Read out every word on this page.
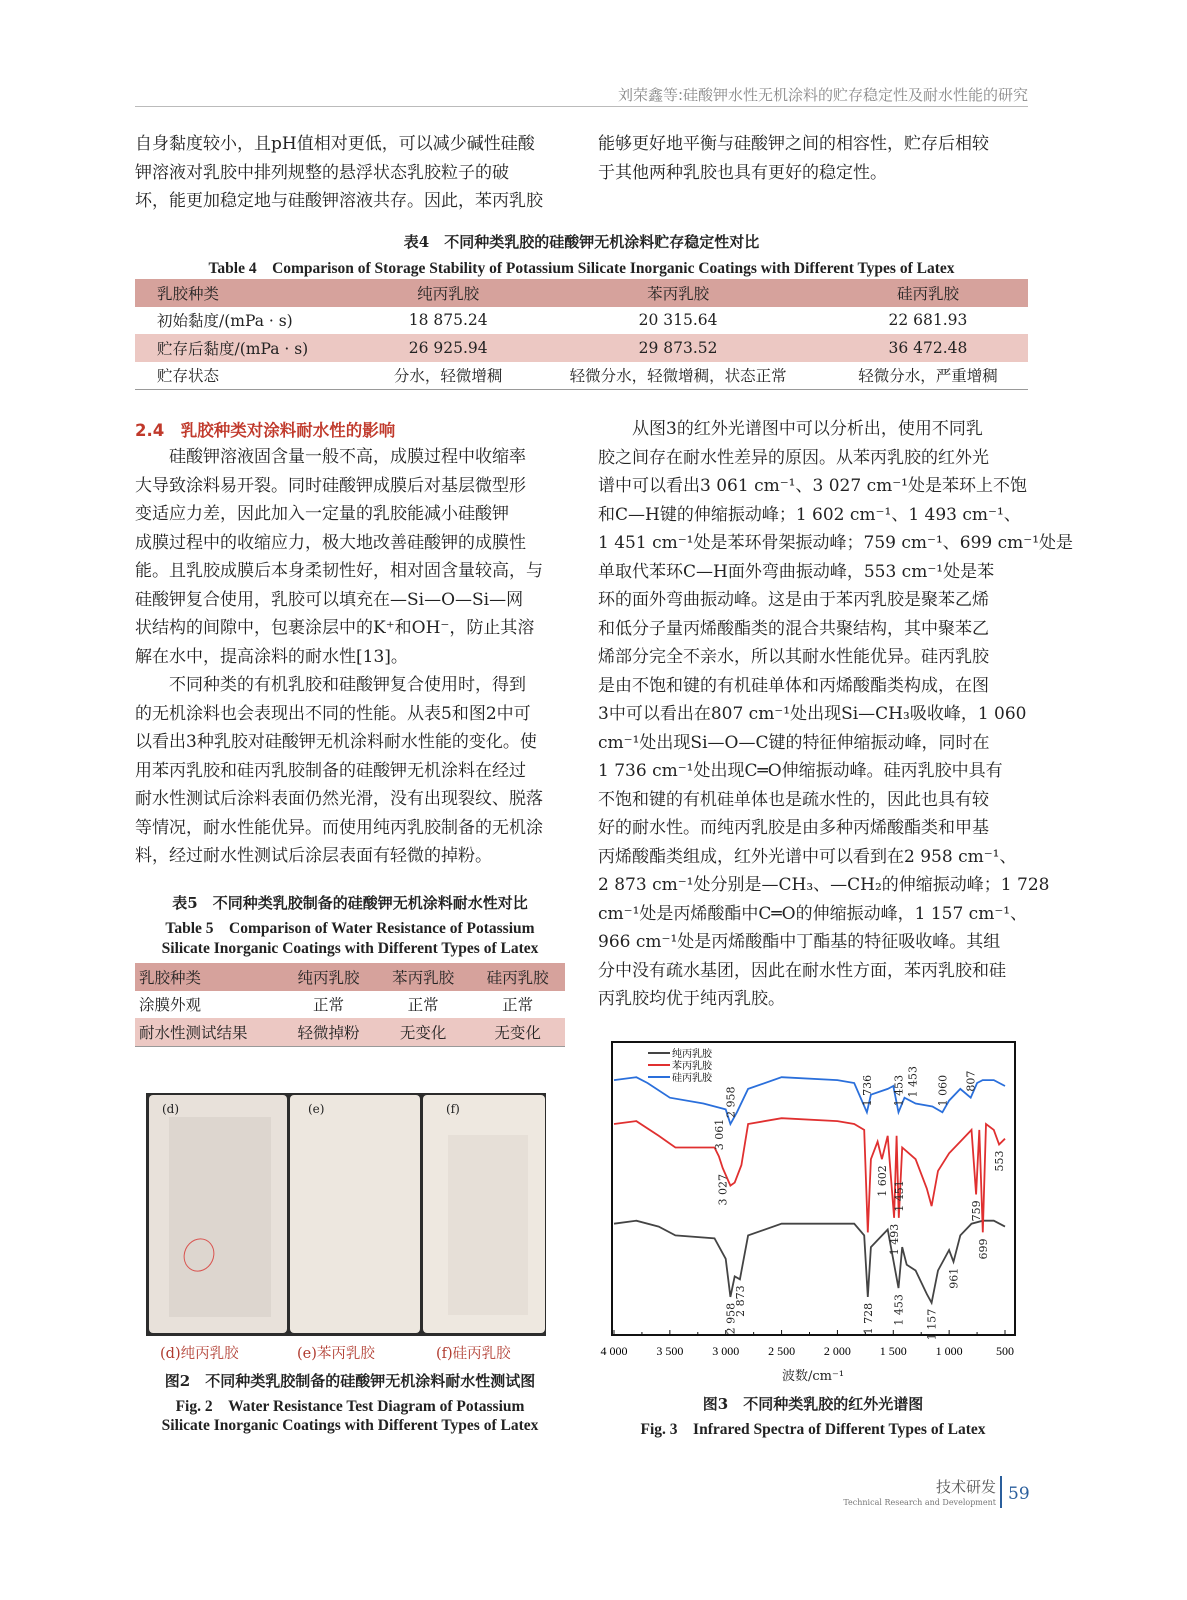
刘荣鑫等:硅酸钾水性无机涂料的贮存稳定性及耐水性能的研究
自身黏度较小，且pH值相对更低，可以减少碱性硅酸
钾溶液对乳胶中排列规整的悬浮状态乳胶粒子的破
坏，能更加稳定地与硅酸钾溶液共存。因此，苯丙乳胶
能够更好地平衡与硅酸钾之间的相容性，贮存后相较
于其他两种乳胶也具有更好的稳定性。
表4　不同种类乳胶的硅酸钾无机涂料贮存稳定性对比
Table 4　Comparison of Storage Stability of Potassium Silicate Inorganic Coatings with Different Types of Latex
乳胶种类	纯丙乳胶	苯丙乳胶	硅丙乳胶
初始黏度/(mPa · s)	18 875.24	20 315.64	22 681.93
贮存后黏度/(mPa · s)	26 925.94	29 873.52	36 472.48
贮存状态	分水，轻微增稠	轻微分水，轻微增稠，状态正常	轻微分水，严重增稠
2.4　乳胶种类对涂料耐水性的影响
硅酸钾溶液固含量一般不高，成膜过程中收缩率
大导致涂料易开裂。同时硅酸钾成膜后对基层微型形
变适应力差，因此加入一定量的乳胶能减小硅酸钾
成膜过程中的收缩应力，极大地改善硅酸钾的成膜性
能。且乳胶成膜后本身柔韧性好，相对固含量较高，与
硅酸钾复合使用，乳胶可以填充在—Si—O—Si—网
状结构的间隙中，包裹涂层中的K⁺和OH⁻，防止其溶
解在水中，提高涂料的耐水性[13]。
不同种类的有机乳胶和硅酸钾复合使用时，得到
的无机涂料也会表现出不同的性能。从表5和图2中可
以看出3种乳胶对硅酸钾无机涂料耐水性能的变化。使
用苯丙乳胶和硅丙乳胶制备的硅酸钾无机涂料在经过
耐水性测试后涂料表面仍然光滑，没有出现裂纹、脱落
等情况，耐水性能优异。而使用纯丙乳胶制备的无机涂
料，经过耐水性测试后涂层表面有轻微的掉粉。
从图3的红外光谱图中可以分析出，使用不同乳
胶之间存在耐水性差异的原因。从苯丙乳胶的红外光
谱中可以看出3 061 cm⁻¹、3 027 cm⁻¹处是苯环上不饱
和C—H键的伸缩振动峰；1 602 cm⁻¹、1 493 cm⁻¹、
1 451 cm⁻¹处是苯环骨架振动峰；759 cm⁻¹、699 cm⁻¹处是
单取代苯环C—H面外弯曲振动峰，553 cm⁻¹处是苯
环的面外弯曲振动峰。这是由于苯丙乳胶是聚苯乙烯
和低分子量丙烯酸酯类的混合共聚结构，其中聚苯乙
烯部分完全不亲水，所以其耐水性能优异。硅丙乳胶
是由不饱和键的有机硅单体和丙烯酸酯类构成，在图
3中可以看出在807 cm⁻¹处出现Si—CH₃吸收峰，1 060
cm⁻¹处出现Si—O—C键的特征伸缩振动峰，同时在
1 736 cm⁻¹处出现C═O伸缩振动峰。硅丙乳胶中具有
不饱和键的有机硅单体也是疏水性的，因此也具有较
好的耐水性。而纯丙乳胶是由多种丙烯酸酯类和甲基
丙烯酸酯类组成，红外光谱中可以看到在2 958 cm⁻¹、
2 873 cm⁻¹处分别是—CH₃、—CH₂的伸缩振动峰；1 728
cm⁻¹处是丙烯酸酯中C═O的伸缩振动峰，1 157 cm⁻¹、
966 cm⁻¹处是丙烯酸酯中丁酯基的特征吸收峰。其组
分中没有疏水基团，因此在耐水性方面，苯丙乳胶和硅
丙乳胶均优于纯丙乳胶。
表5　不同种类乳胶制备的硅酸钾无机涂料耐水性对比
Table 5　Comparison of Water Resistance of Potassium
Silicate Inorganic Coatings with Different Types of Latex
乳胶种类	纯丙乳胶	苯丙乳胶	硅丙乳胶
涂膜外观	正常	正常	正常
耐水性测试结果	轻微掉粉	无变化	无变化
(d)	(e)	(f)
(d)纯丙乳胶	(e)苯丙乳胶	(f)硅丙乳胶
图2　不同种类乳胶制备的硅酸钾无机涂料耐水性测试图
Fig. 2　Water Resistance Test Diagram of Potassium
Silicate Inorganic Coatings with Different Types of Latex
4 000 3 500 3 000 2 500 2 000 1 500 1 000	500
纯丙乳胶
苯丙乳胶
硅丙乳胶
2 958	1 736 1 453 1 453 1 060 807
3 061
3 027	1 602
1 493
1 451	759
699
553
2 958
2 873
1 728 1 453 1 157
961
波数/cm⁻¹
图3　不同种类乳胶的红外光谱图
Fig. 3　Infrared Spectra of Different Types of Latex
技术研发
Technical Research and Development 59
